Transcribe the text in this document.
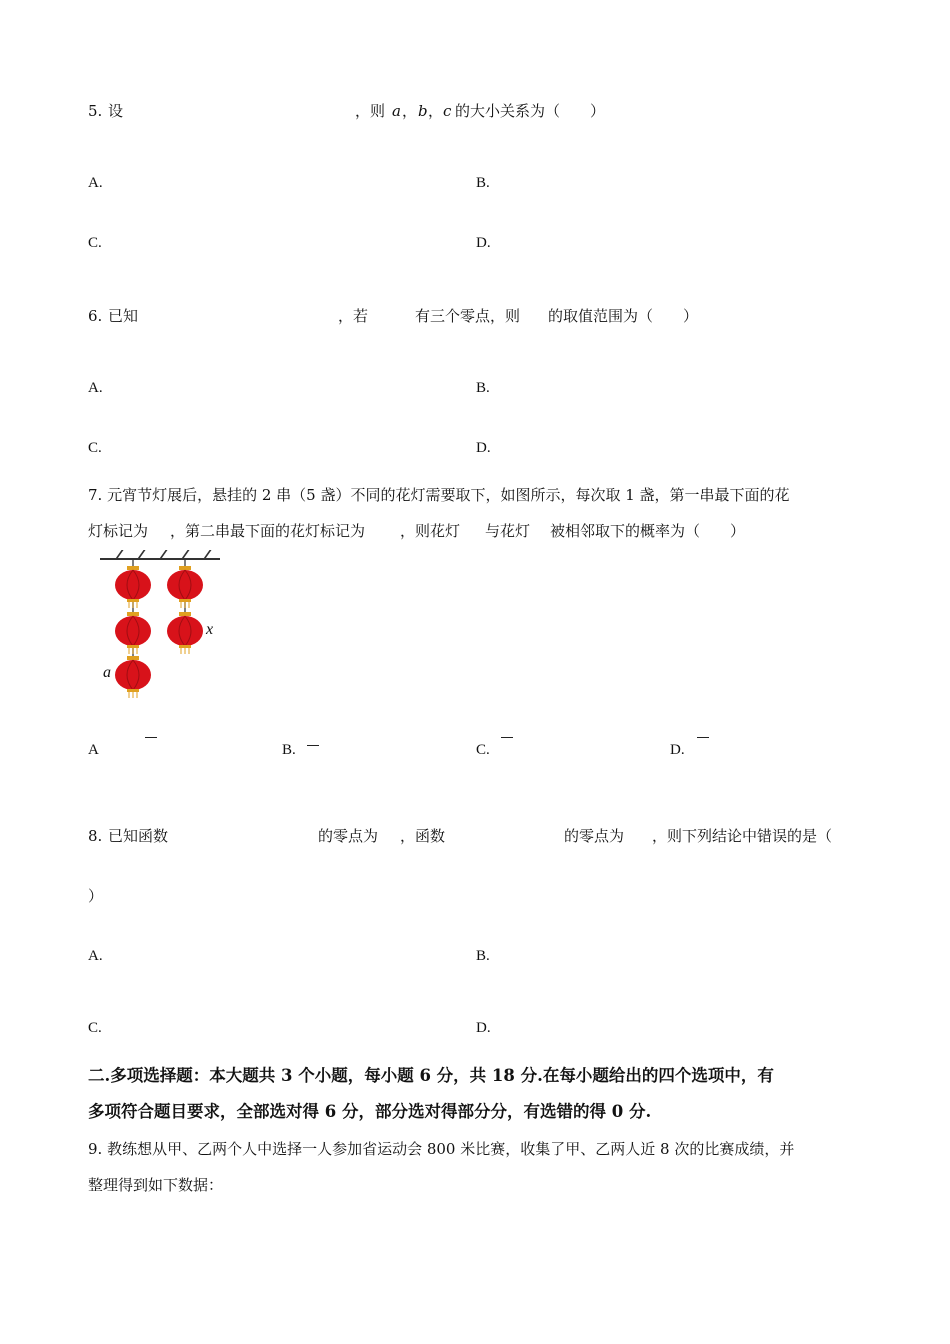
5. 设	，则 a ， b ， c 的大小关系为（　　）
A.	B.
C.	D.
6. 已知	，若	有三个零点，则 的取值范围为（　　）
A.	B.
C.	D.
7. 元宵节灯展后，悬挂的 2 串（5 盏）不同的花灯需要取下，如图所示，每次取 1 盏，第一串最下面的花
灯标记为 ，第二串最下面的花灯标记为 ，则花灯 与花灯 被相邻取下的概率为（　　）
x
a
A	B.	C.	D.
8. 已知函数	的零点为 ，函数	的零点为 ，则下列结论中错误的是（
）
A.	B.
C.	D.
二.多项选择题：本大题共 3 个小题，每小题 6 分，共 18 分.在每小题给出的四个选项中，有
多项符合题目要求，全部选对得 6 分，部分选对得部分分，有选错的得 0 分.
9. 教练想从甲、乙两个人中选择一人参加省运动会 800 米比赛，收集了甲、乙两人近 8 次的比赛成绩，并
整理得到如下数据：
